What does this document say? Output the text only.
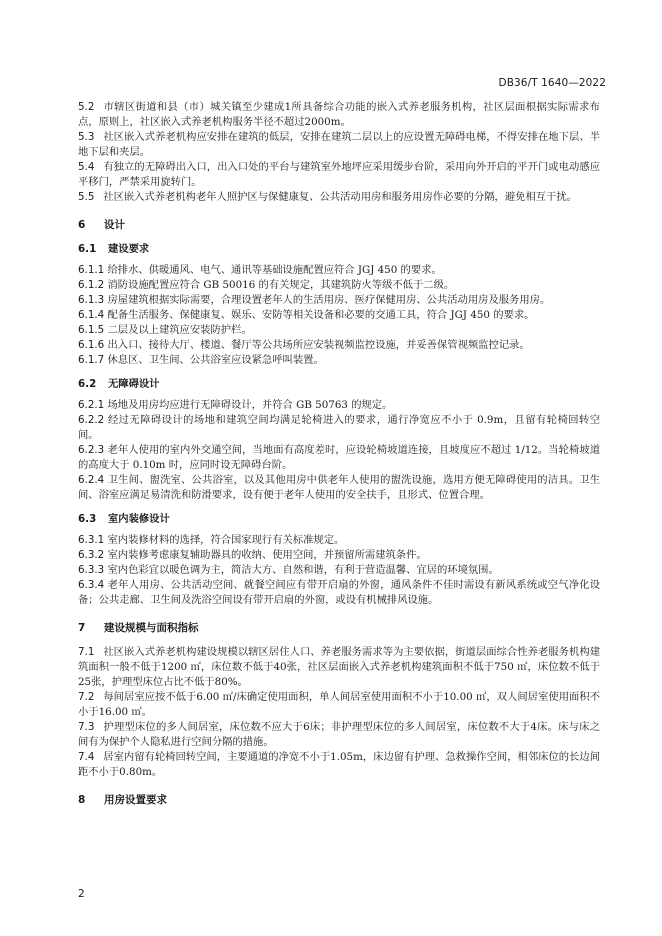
DB36/T 1640—2022

5.2 市辖区街道和县（市）城关镇至少建成1所具备综合功能的嵌入式养老服务机构，社区层面根据实际需求布点，原则上，社区嵌入式养老机构服务半径不超过2000m。

5.3 社区嵌入式养老机构应安排在建筑的低层，安排在建筑二层以上的应设置无障碍电梯，不得安排在地下层、半地下层和夹层。

5.4 有独立的无障碍出入口，出入口处的平台与建筑室外地坪应采用缓步台阶，采用向外开启的平开门或电动感应平移门，严禁采用旋转门。

5.5 社区嵌入式养老机构老年人照护区与保健康复、公共活动用房和服务用房作必要的分隔，避免相互干扰。

6 设计
6.1 建设要求

6.1.1 给排水、供暖通风、电气、通讯等基础设施配置应符合 JGJ 450 的要求。

6.1.2 消防设施配置应符合 GB 50016 的有关规定，其建筑防火等级不低于二级。

6.1.3 房屋建筑根据实际需要，合理设置老年人的生活用房、医疗保健用房、公共活动用房及服务用房。

6.1.4 配备生活服务、保健康复、娱乐、安防等相关设备和必要的交通工具，符合 JGJ 450 的要求。

6.1.5 二层及以上建筑应安装防护栏。

6.1.6 出入口、接待大厅、楼道、餐厅等公共场所应安装视频监控设施，并妥善保管视频监控记录。

6.1.7 休息区、卫生间、公共浴室应设紧急呼叫装置。

6.2 无障碍设计

6.2.1 场地及用房均应进行无障碍设计，并符合 GB 50763 的规定。

6.2.2 经过无障碍设计的场地和建筑空间均满足轮椅进入的要求，通行净宽应不小于 0.9m，且留有轮椅回转空间。

6.2.3 老年人使用的室内外交通空间，当地面有高度差时，应设轮椅坡道连接，且坡度应不超过 1/12。当轮椅坡道的高度大于 0.10m 时，应同时设无障碍台阶。

6.2.4 卫生间、盥洗室、公共浴室，以及其他用房中供老年人使用的盥洗设施，选用方便无障碍使用的洁具。卫生间、浴室应满足易清洗和防滑要求，设有便于老年人使用的安全扶手，且形式、位置合理。

6.3 室内装修设计

6.3.1 室内装修材料的选择，符合国家现行有关标准规定。

6.3.2 室内装修考虑康复辅助器具的收纳、使用空间，并预留所需建筑条件。

6.3.3 室内色彩宜以暖色调为主，简洁大方、自然和谐，有利于营造温馨、宜居的环境氛围。

6.3.4 老年人用房、公共活动空间、就餐空间应有带开启扇的外窗，通风条件不佳时需设有新风系统或空气净化设备；公共走廊、卫生间及洗浴空间设有带开启扇的外窗，或设有机械排风设施。

7 建设规模与面积指标

7.1 社区嵌入式养老机构建设规模以辖区居住人口、养老服务需求等为主要依据，街道层面综合性养老服务机构建筑面积一般不低于1200 ㎡，床位数不低于40张，社区层面嵌入式养老机构建筑面积不低于750 ㎡，床位数不低于25张，护理型床位占比不低于80%。

7.2 每间居室应按不低于6.00 ㎡/床确定使用面积，单人间居室使用面积不小于10.00 ㎡，双人间居室使用面积不小于16.00 ㎡。

7.3 护理型床位的多人间居室，床位数不应大于6床；非护理型床位的多人间居室，床位数不大于4床。床与床之间有为保护个人隐私进行空间分隔的措施。

7.4 居室内留有轮椅回转空间，主要通道的净宽不小于1.05m，床边留有护理、急救操作空间，相邻床位的长边间距不小于0.80m。

8 用房设置要求
2
